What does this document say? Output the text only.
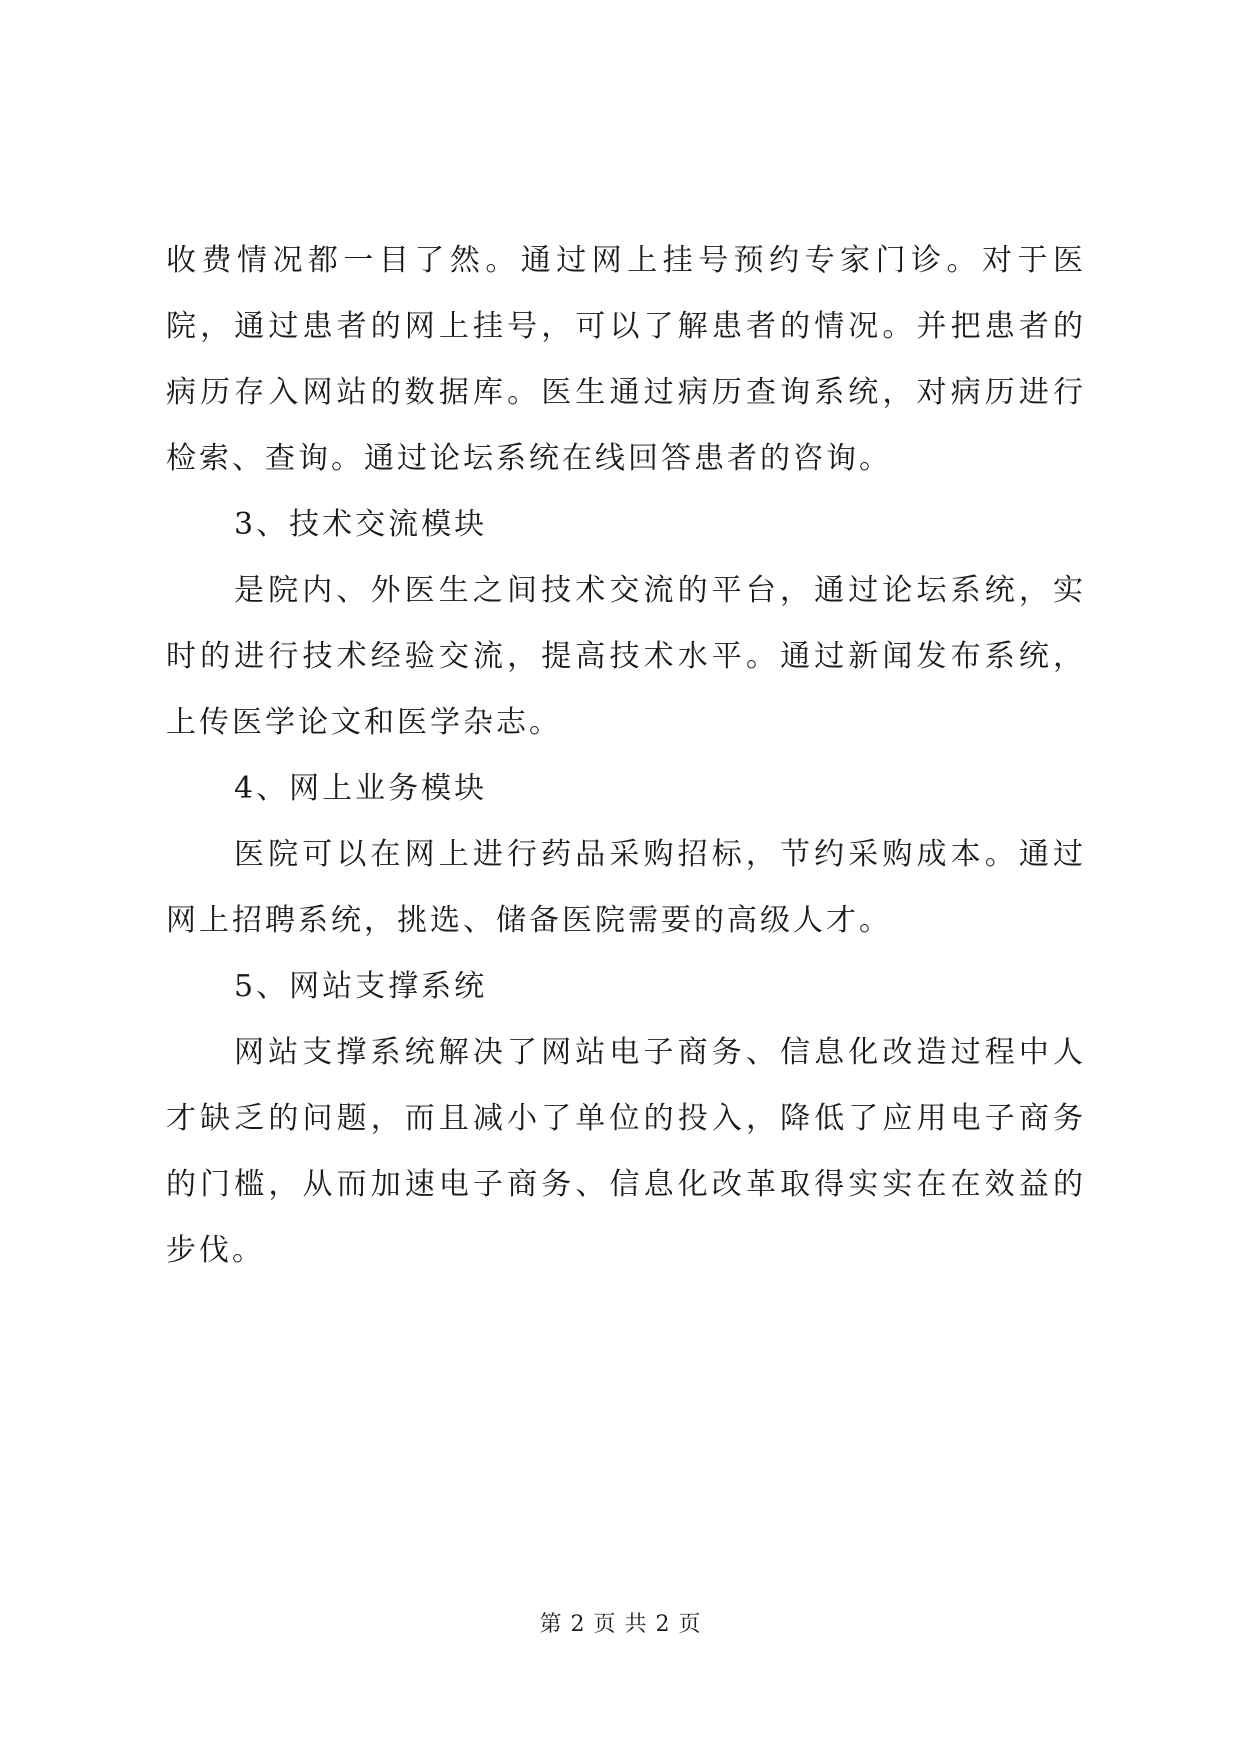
收费情况都一目了然。通过网上挂号预约专家门诊。对于医院，通过患者的网上挂号，可以了解患者的情况。并把患者的病历存入网站的数据库。医生通过病历查询系统，对病历进行检索、查询。通过论坛系统在线回答患者的咨询。

3、技术交流模块

是院内、外医生之间技术交流的平台，通过论坛系统，实时的进行技术经验交流，提高技术水平。通过新闻发布系统，上传医学论文和医学杂志。

4、网上业务模块

医院可以在网上进行药品采购招标，节约采购成本。通过网上招聘系统，挑选、储备医院需要的高级人才。

5、网站支撑系统

网站支撑系统解决了网站电子商务、信息化改造过程中人才缺乏的问题，而且减小了单位的投入，降低了应用电子商务的门槛，从而加速电子商务、信息化改革取得实实在在效益的步伐。

第 2 页 共 2 页
